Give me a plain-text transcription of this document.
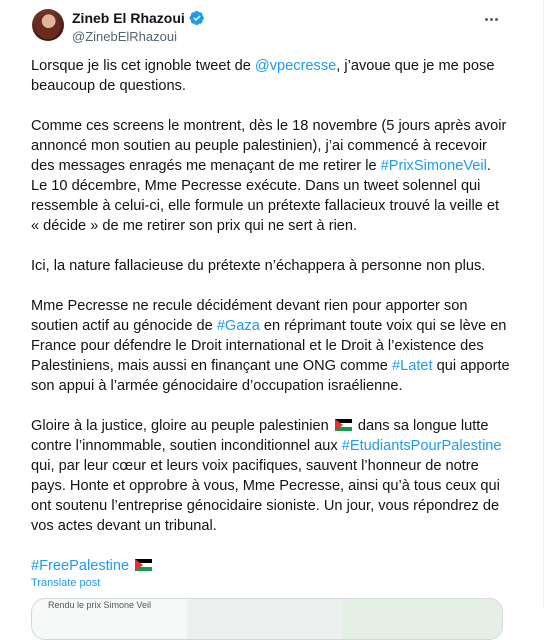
Zineb El Rhazoui
@ZinebElRhazoui

Lorsque je lis cet ignoble tweet de @vpecresse, j’avoue que je me pose beaucoup de questions.

Comme ces screens le montrent, dès le 18 novembre (5 jours après avoir annoncé mon soutien au peuple palestinien), j’ai commencé à recevoir des messages enragés me menaçant de me retirer le #PrixSimoneVeil. Le 10 décembre, Mme Pecresse exécute. Dans un tweet solennel qui ressemble à celui-ci, elle formule un prétexte fallacieux trouvé la veille et « décide » de me retirer son prix qui ne sert à rien.

Ici, la nature fallacieuse du prétexte n’échappera à personne non plus.

Mme Pecresse ne recule décidément devant rien pour apporter son soutien actif au génocide de #Gaza en réprimant toute voix qui se lève en France pour défendre le Droit international et le Droit à l’existence des Palestiniens, mais aussi en finançant une ONG comme #Latet qui apporte son appui à l’armée génocidaire d’occupation israélienne.

Gloire à la justice, gloire au peuple palestinien
dans sa longue lutte contre l’innommable, soutien inconditionnel aux #EtudiantsPourPalestine qui, par leur cœur et leurs voix pacifiques, sauvent l’honneur de notre pays. Honte et opprobre à vous, Mme Pecresse, ainsi qu’à tous ceux qui ont soutenu l’entreprise génocidaire sioniste. Un jour, vous répondrez de vos actes devant un tribunal.

#FreePalestine

Translate post
Rendu le prix Simone Veil
